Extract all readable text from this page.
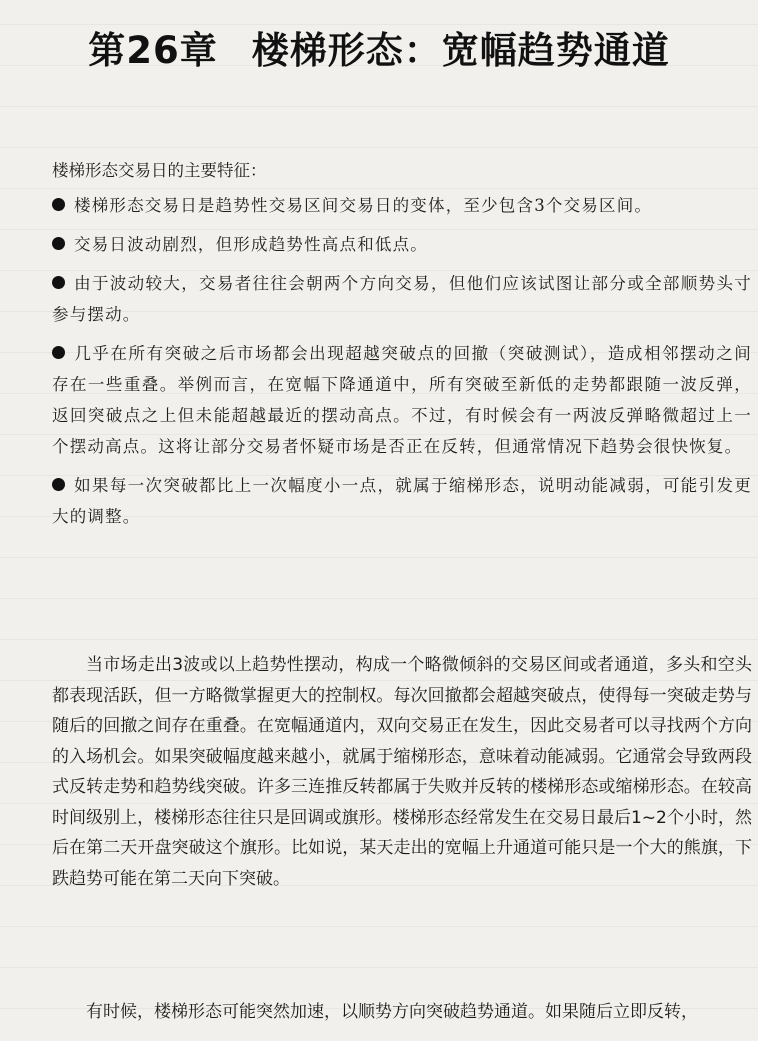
第26章 楼梯形态：宽幅趋势通道
楼梯形态交易日的主要特征：
楼梯形态交易日是趋势性交易区间交易日的变体，至少包含3个交易区间。
交易日波动剧烈，但形成趋势性高点和低点。
由于波动较大，交易者往往会朝两个方向交易，但他们应该试图让部分或全部顺势头寸参与摆动。
几乎在所有突破之后市场都会出现超越突破点的回撤（突破测试），造成相邻摆动之间存在一些重叠。举例而言，在宽幅下降通道中，所有突破至新低的走势都跟随一波反弹，返回突破点之上但未能超越最近的摆动高点。不过，有时候会有一两波反弹略微超过上一个摆动高点。这将让部分交易者怀疑市场是否正在反转，但通常情况下趋势会很快恢复。
如果每一次突破都比上一次幅度小一点，就属于缩梯形态，说明动能减弱，可能引发更大的调整。
当市场走出3波或以上趋势性摆动，构成一个略微倾斜的交易区间或者通道，多头和空头都表现活跃，但一方略微掌握更大的控制权。每次回撤都会超越突破点，使得每一突破走势与随后的回撤之间存在重叠。在宽幅通道内，双向交易正在发生，因此交易者可以寻找两个方向的入场机会。如果突破幅度越来越小，就属于缩梯形态，意味着动能减弱。它通常会导致两段式反转走势和趋势线突破。许多三连推反转都属于失败并反转的楼梯形态或缩梯形态。在较高时间级别上，楼梯形态往往只是回调或旗形。楼梯形态经常发生在交易日最后1~2个小时，然后在第二天开盘突破这个旗形。比如说，某天走出的宽幅上升通道可能只是一个大的熊旗，下跌趋势可能在第二天向下突破。
有时候，楼梯形态可能突然加速，以顺势方向突破趋势通道。如果随后立即反转，
